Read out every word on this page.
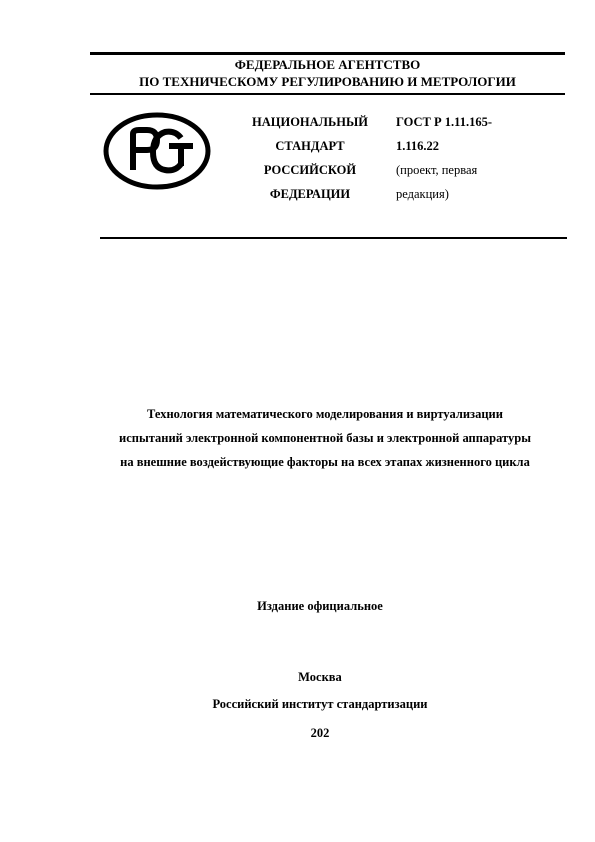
ФЕДЕРАЛЬНОЕ АГЕНТСТВО
ПО ТЕХНИЧЕСКОМУ РЕГУЛИРОВАНИЮ И МЕТРОЛОГИИ
НАЦИОНАЛЬНЫЙ
СТАНДАРТ
РОССИЙСКОЙ
ФЕДЕРАЦИИ
ГОСТ Р 1.11.165-
1.116.22
(проект, первая
редакция)
Технология математического моделирования и виртуализации
испытаний электронной компонентной базы и электронной аппаратуры
на внешние воздействующие факторы на всех этапах жизненного цикла
Издание официальное
Москва
Российский институт стандартизации
202
